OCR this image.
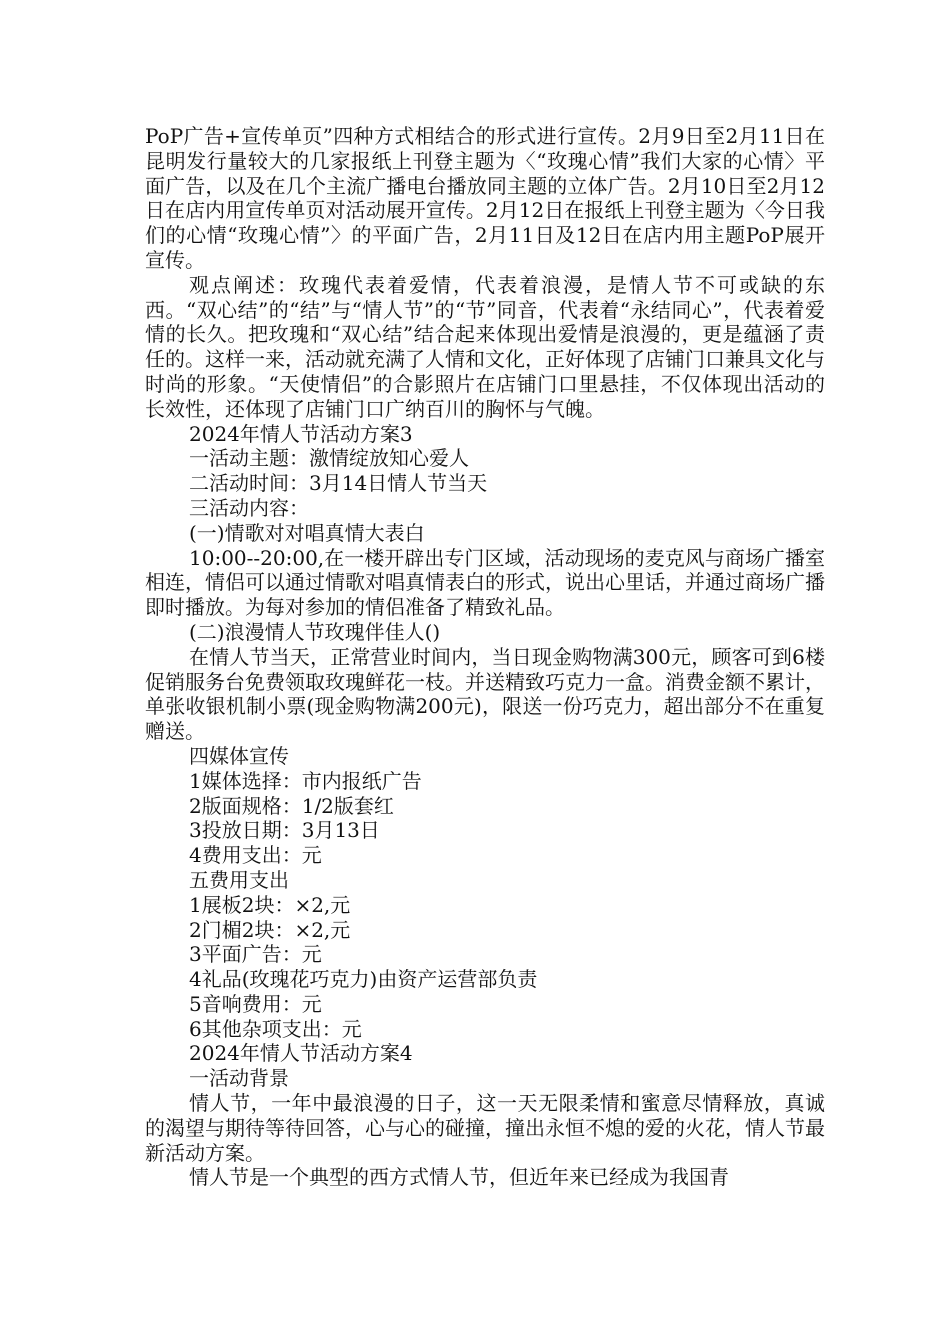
PoP广告+宣传单页”四种方式相结合的形式进行宣传。2月9日至2月11日在昆明发行量较大的几家报纸上刊登主题为〈“玫瑰心情”我们大家的心情〉平面广告，以及在几个主流广播电台播放同主题的立体广告。2月10日至2月12日在店内用宣传单页对活动展开宣传。2月12日在报纸上刊登主题为〈今日我们的心情“玫瑰心情”〉的平面广告，2月11日及12日在店内用主题PoP展开宣传。

观点阐述：玫瑰代表着爱情，代表着浪漫，是情人节不可或缺的东西。“双心结”的“结”与“情人节”的“节”同音，代表着“永结同心”，代表着爱情的长久。把玫瑰和“双心结”结合起来体现出爱情是浪漫的，更是蕴涵了责任的。这样一来，活动就充满了人情和文化，正好体现了店铺门口兼具文化与时尚的形象。“天使情侣”的合影照片在店铺门口里悬挂，不仅体现出活动的长效性，还体现了店铺门口广纳百川的胸怀与气魄。

2024年情人节活动方案3

一活动主题：激情绽放知心爱人

二活动时间：3月14日情人节当天

三活动内容：

(一)情歌对对唱真情大表白

10:00--20:00,在一楼开辟出专门区域，活动现场的麦克风与商场广播室相连，情侣可以通过情歌对唱真情表白的形式，说出心里话，并通过商场广播即时播放。为每对参加的情侣准备了精致礼品。

(二)浪漫情人节玫瑰伴佳人()

在情人节当天，正常营业时间内，当日现金购物满300元，顾客可到6楼促销服务台免费领取玫瑰鲜花一枝。并送精致巧克力一盒。消费金额不累计，单张收银机制小票(现金购物满200元)，限送一份巧克力，超出部分不在重复赠送。

四媒体宣传

1媒体选择：市内报纸广告

2版面规格：1/2版套红

3投放日期：3月13日

4费用支出：元

五费用支出

1展板2块：×2,元

2门楣2块：×2,元

3平面广告：元

4礼品(玫瑰花巧克力)由资产运营部负责

5音响费用：元

6其他杂项支出：元

2024年情人节活动方案4

一活动背景

情人节，一年中最浪漫的日子，这一天无限柔情和蜜意尽情释放，真诚的渴望与期待等待回答，心与心的碰撞，撞出永恒不熄的爱的火花，情人节最新活动方案。

情人节是一个典型的西方式情人节，但近年来已经成为我国青
